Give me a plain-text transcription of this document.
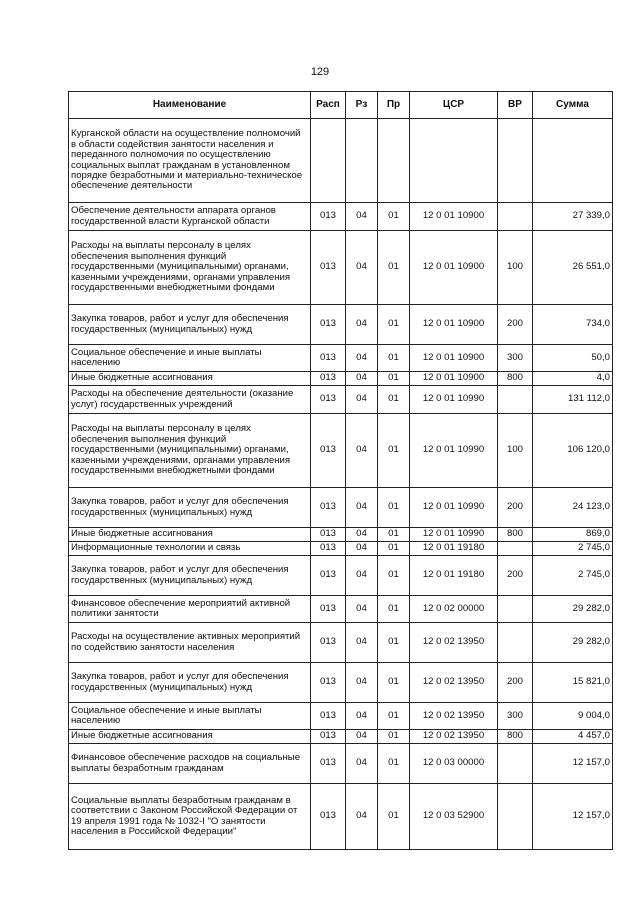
129
Наименование	Расп	Рз	Пр	ЦСР	ВР	Сумма
Курганской области на осуществление полномочий в области содействия занятости населения и переданного полномочия по осуществлению социальных выплат гражданам в установленном порядке безработными и материально-техническое обеспечение деятельности						
Обеспечение деятельности аппарата органов государственной власти Курганской области	013	04	01	12 0 01 10900		27 339,0
Расходы на выплаты персоналу в целях обеспечения выполнения функций государственными (муниципальными) органами, казенными учреждениями, органами управления государственными внебюджетными фондами	013	04	01	12 0 01 10900	100	26 551,0
Закупка товаров, работ и услуг для обеспечения государственных (муниципальных) нужд	013	04	01	12 0 01 10900	200	734,0
Социальное обеспечение и иные выплаты населению	013	04	01	12 0 01 10900	300	50,0
Иные бюджетные ассигнования	013	04	01	12 0 01 10900	800	4,0
Расходы на обеспечение деятельности (оказание услуг) государственных учреждений	013	04	01	12 0 01 10990		131 112,0
Расходы на выплаты персоналу в целях обеспечения выполнения функций государственными (муниципальными) органами, казенными учреждениями, органами управления государственными внебюджетными фондами	013	04	01	12 0 01 10990	100	106 120,0
Закупка товаров, работ и услуг для обеспечения государственных (муниципальных) нужд	013	04	01	12 0 01 10990	200	24 123,0
Иные бюджетные ассигнования	013	04	01	12 0 01 10990	800	869,0
Информационные технологии и связь	013	04	01	12 0 01 19180		2 745,0
Закупка товаров, работ и услуг для обеспечения государственных (муниципальных) нужд	013	04	01	12 0 01 19180	200	2 745,0
Финансовое обеспечение мероприятий активной политики занятости	013	04	01	12 0 02 00000		29 282,0
Расходы на осуществление активных мероприятий по содействию занятости населения	013	04	01	12 0 02 13950		29 282,0
Закупка товаров, работ и услуг для обеспечения государственных (муниципальных) нужд	013	04	01	12 0 02 13950	200	15 821,0
Социальное обеспечение и иные выплаты населению	013	04	01	12 0 02 13950	300	9 004,0
Иные бюджетные ассигнования	013	04	01	12 0 02 13950	800	4 457,0
Финансовое обеспечение расходов на социальные выплаты безработным гражданам	013	04	01	12 0 03 00000		12 157,0
Социальные выплаты безработным гражданам в соответствии с Законом Российской Федерации от 19 апреля 1991 года № 1032-I "О занятости населения в Российской Федерации"	013	04	01	12 0 03 52900		12 157,0
